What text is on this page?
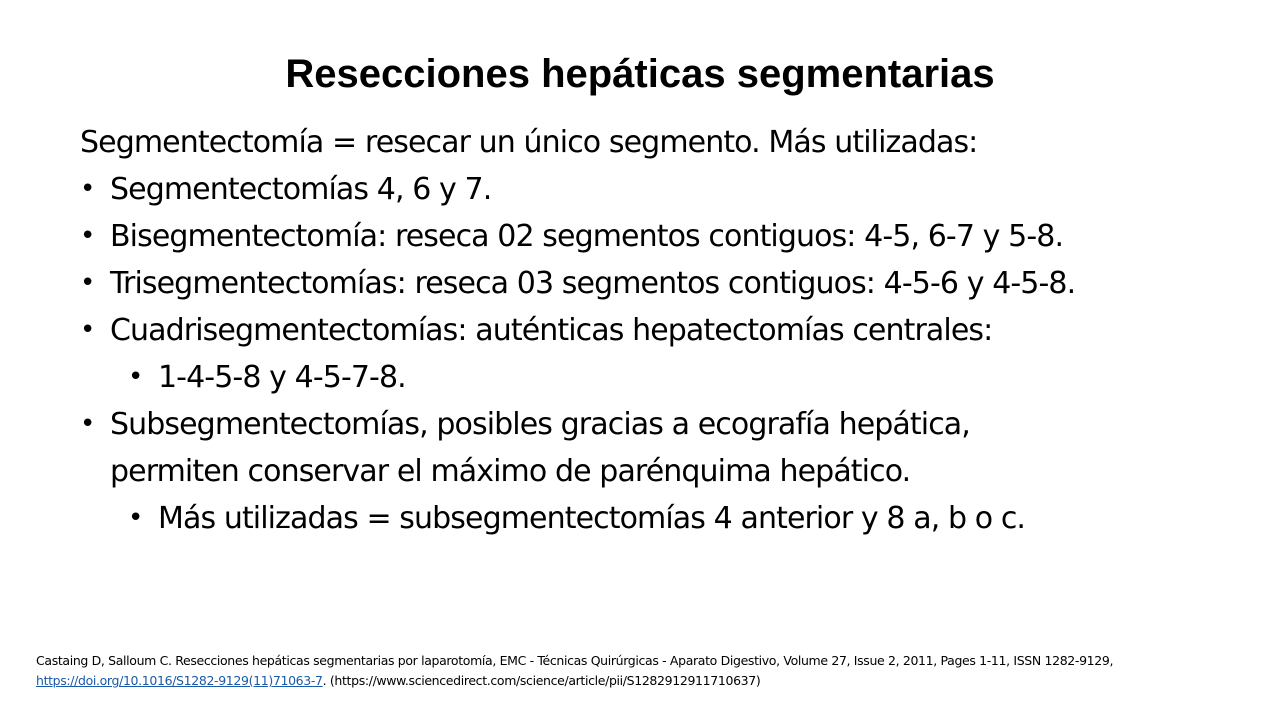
Resecciones hepáticas segmentarias
Segmentectomía = resecar un único segmento. Más utilizadas:
• Segmentectomías 4, 6 y 7.
• Bisegmentectomía: reseca 02 segmentos contiguos: 4-5, 6-7 y 5-8.
• Trisegmentectomías: reseca 03 segmentos contiguos: 4-5-6 y 4-5-8.
• Cuadrisegmentectomías: auténticas hepatectomías centrales:
• 1-4-5-8 y 4-5-7-8.
• Subsegmentectomías, posibles gracias a ecografía hepática, permiten conservar el máximo de parénquima hepático.
• Más utilizadas = subsegmentectomías 4 anterior y 8 a, b o c.
Castaing D, Salloum C. Resecciones hepáticas segmentarias por laparotomía, EMC - Técnicas Quirúrgicas - Aparato Digestivo, Volume 27, Issue 2, 2011, Pages 1-11, ISSN 1282-9129, https://doi.org/10.1016/S1282-9129(11)71063-7. (https://www.sciencedirect.com/science/article/pii/S1282912911710637)
